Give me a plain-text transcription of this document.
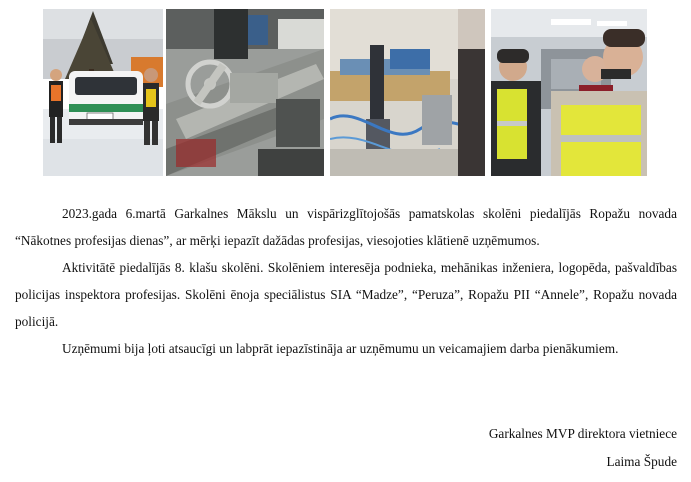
2023.gada 6.martā Garkalnes Mākslu un vispārizglītojošās pamatskolas skolēni piedalījās Ropažu novada “Nākotnes profesijas dienas”, ar mērķi iepazīt dažādas profesijas, viesojoties klātienē uzņēmumos.

Aktivitātē piedalījās 8. klašu skolēni. Skolēniem interesēja podnieka, mehānikas inženiera, logopēda, pašvaldības policijas inspektora profesijas. Skolēni ēnoja speciālistus SIA “Madze”, “Peruza”, Ropažu PII “Annele”, Ropažu novada policijā.

Uzņēmumi bija ļoti atsaucīgi un labprāt iepazīstināja ar uzņēmumu un veicamajiem darba pienākumiem.

Garkalnes MVP direktora vietniece
Laima Špude
